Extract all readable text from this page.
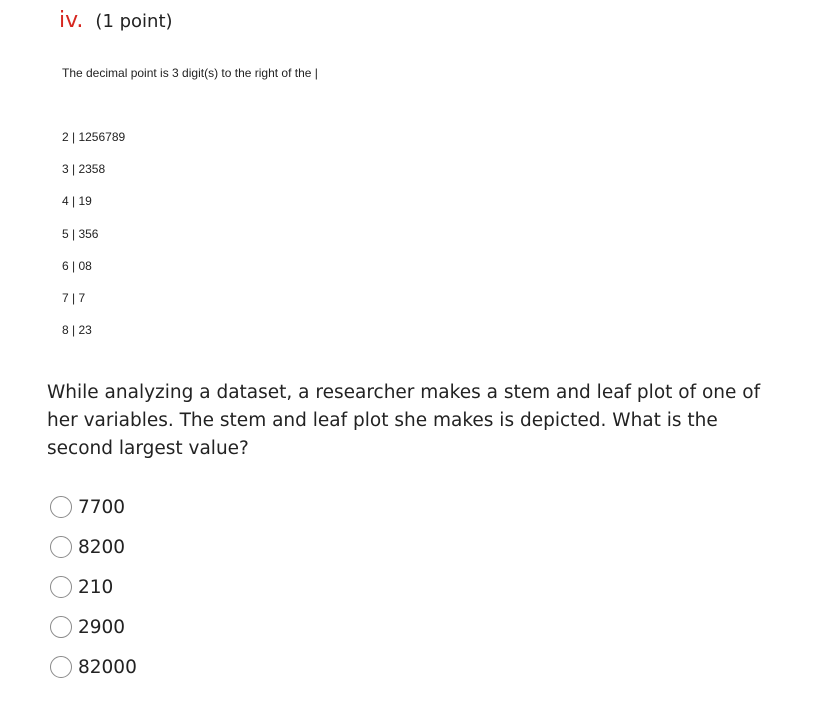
iv. (1 point)
The decimal point is 3 digit(s) to the right of the |
2 | 1256789
3 | 2358
4 | 19
5 | 356
6 | 08
7 | 7
8 | 23
While analyzing a dataset, a researcher makes a stem and leaf plot of one of her variables. The stem and leaf plot she makes is depicted. What is the second largest value?
7700
8200
210
2900
82000
